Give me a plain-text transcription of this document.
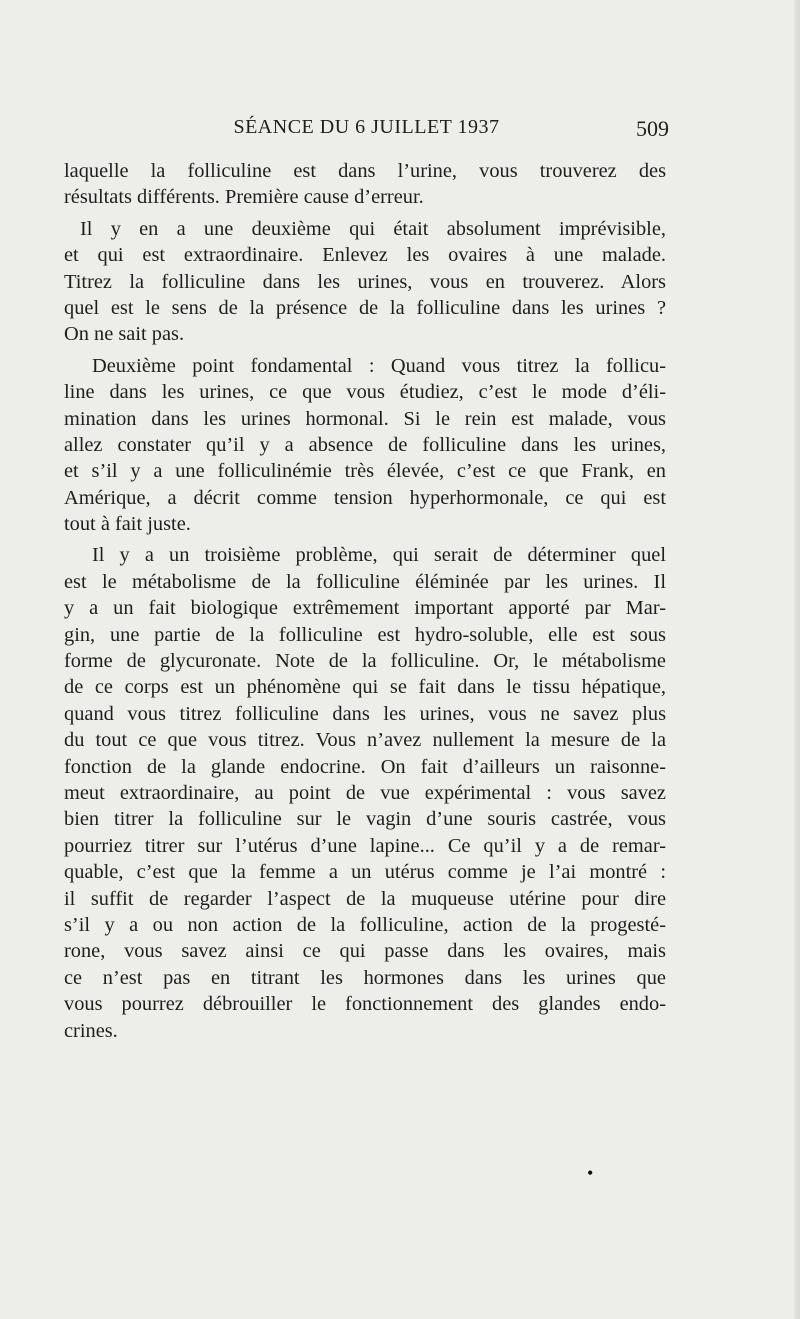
SÉANCE DU 6 JUILLET 1937	509
laquelle la folliculine est dans l’urine, vous trouverez des
résultats différents. Première cause d’erreur.
Il y en a une deuxième qui était absolument imprévisible,
et qui est extraordinaire. Enlevez les ovaires à une malade.
Titrez la folliculine dans les urines, vous en trouverez. Alors
quel est le sens de la présence de la folliculine dans les urines ?
On ne sait pas.
Deuxième point fondamental : Quand vous titrez la follicu-
line dans les urines, ce que vous étudiez, c’est le mode d’éli-
mination dans les urines hormonal. Si le rein est malade, vous
allez constater qu’il y a absence de folliculine dans les urines,
et s’il y a une folliculinémie très élevée, c’est ce que Frank, en
Amérique, a décrit comme tension hyperhormonale, ce qui est
tout à fait juste.
Il y a un troisième problème, qui serait de déterminer quel
est le métabolisme de la folliculine éléminée par les urines. Il
y a un fait biologique extrêmement important apporté par Mar-
gin, une partie de la folliculine est hydro-soluble, elle est sous
forme de glycuronate. Note de la folliculine. Or, le métabolisme
de ce corps est un phénomène qui se fait dans le tissu hépatique,
quand vous titrez folliculine dans les urines, vous ne savez plus
du tout ce que vous titrez. Vous n’avez nullement la mesure de la
fonction de la glande endocrine. On fait d’ailleurs un raisonne-
meut extraordinaire, au point de vue expérimental : vous savez
bien titrer la folliculine sur le vagin d’une souris castrée, vous
pourriez titrer sur l’utérus d’une lapine... Ce qu’il y a de remar-
quable, c’est que la femme a un utérus comme je l’ai montré :
il suffit de regarder l’aspect de la muqueuse utérine pour dire
s’il y a ou non action de la folliculine, action de la progesté-
rone, vous savez ainsi ce qui passe dans les ovaires, mais
ce n’est pas en titrant les hormones dans les urines que
vous pourrez débrouiller le fonctionnement des glandes endo-
crines.
•
